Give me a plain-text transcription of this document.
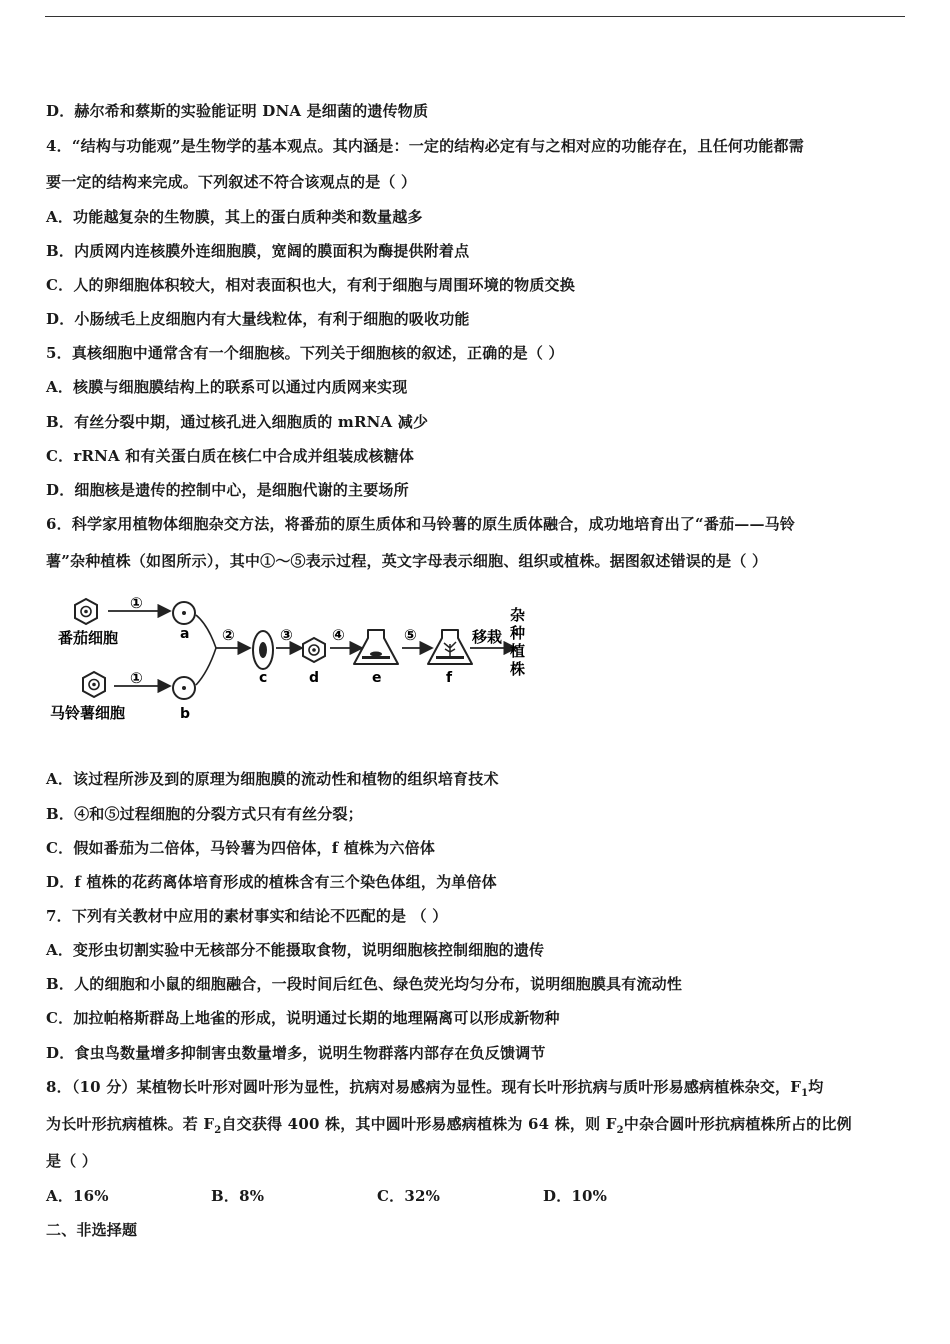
D．赫尔希和蔡斯的实验能证明 DNA 是细菌的遗传物质
4．“结构与功能观”是生物学的基本观点。其内涵是：一定的结构必定有与之相对应的功能存在，且任何功能都需
要一定的结构来完成。下列叙述不符合该观点的是（ ）
A．功能越复杂的生物膜，其上的蛋白质种类和数量越多
B．内质网内连核膜外连细胞膜，宽阔的膜面积为酶提供附着点
C．人的卵细胞体积较大，相对表面积也大，有利于细胞与周围环境的物质交换
D．小肠绒毛上皮细胞内有大量线粒体，有利于细胞的吸收功能
5．真核细胞中通常含有一个细胞核。下列关于细胞核的叙述，正确的是（ ）
A．核膜与细胞膜结构上的联系可以通过内质网来实现
B．有丝分裂中期，通过核孔进入细胞质的 mRNA 减少
C．rRNA 和有关蛋白质在核仁中合成并组装成核糖体
D．细胞核是遗传的控制中心，是细胞代谢的主要场所
6．科学家用植物体细胞杂交方法，将番茄的原生质体和马铃薯的原生质体融合，成功地培育出了“番茄——马铃
薯”杂种植株（如图所示），其中①～⑤表示过程，英文字母表示细胞、组织或植株。据图叙述错误的是（ ）
番茄细胞
①
a
马铃薯细胞
①
b
②
c
③
d
④
e
⑤
f
移栽
杂
种
植
株
A．该过程所涉及到的原理为细胞膜的流动性和植物的组织培育技术
B．④和⑤过程细胞的分裂方式只有有丝分裂；
C．假如番茄为二倍体，马铃薯为四倍体，f 植株为六倍体
D．f 植株的花药离体培育形成的植株含有三个染色体组，为单倍体
7．下列有关教材中应用的素材事实和结论不匹配的是 （ ）
A．变形虫切割实验中无核部分不能摄取食物，说明细胞核控制细胞的遗传
B．人的细胞和小鼠的细胞融合，一段时间后红色、绿色荧光均匀分布，说明细胞膜具有流动性
C．加拉帕格斯群岛上地雀的形成，说明通过长期的地理隔离可以形成新物种
D．食虫鸟数量增多抑制害虫数量增多，说明生物群落内部存在负反馈调节
8．（10 分）某植物长叶形对圆叶形为显性，抗病对易感病为显性。现有长叶形抗病与质叶形易感病植株杂交，$F_1$均
为长叶形抗病植株。若 $F_2$自交获得 400 株，其中圆叶形易感病植株为 64 株，则 $F_2$中杂合圆叶形抗病植株所占的比例
是（ ）
A．16%	B．8%	C．32%	D．10%
二、非选择题
